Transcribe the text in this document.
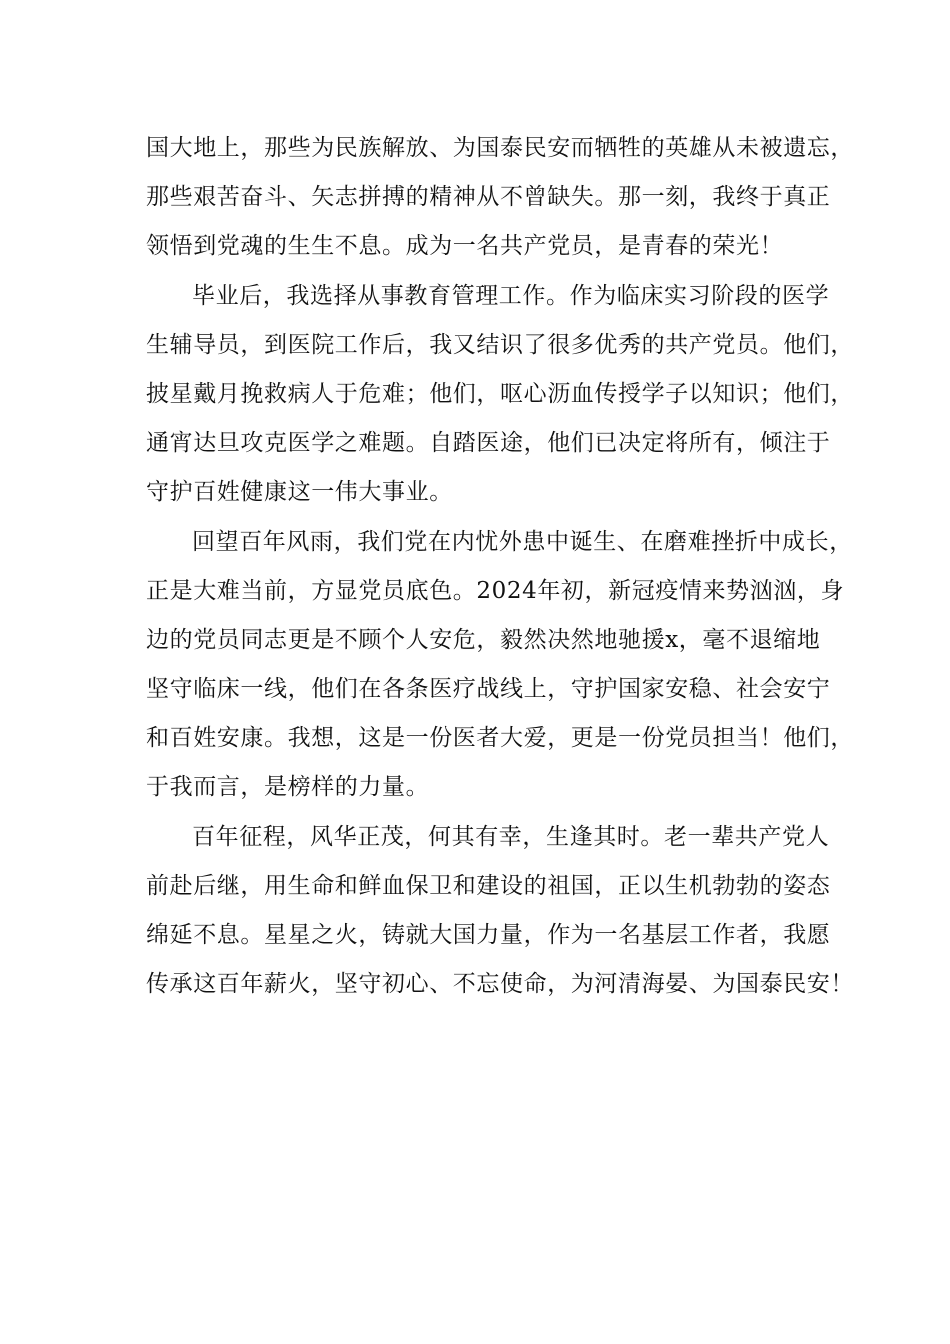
国大地上，那些为民族解放、为国泰民安而牺牲的英雄从未被遗忘，
那些艰苦奋斗、矢志拼搏的精神从不曾缺失。那一刻，我终于真正
领悟到党魂的生生不息。成为一名共产党员，是青春的荣光！
毕业后，我选择从事教育管理工作。作为临床实习阶段的医学
生辅导员，到医院工作后，我又结识了很多优秀的共产党员。他们，
披星戴月挽救病人于危难；他们，呕心沥血传授学子以知识；他们，
通宵达旦攻克医学之难题。自踏医途，他们已决定将所有，倾注于
守护百姓健康这一伟大事业。
回望百年风雨，我们党在内忧外患中诞生、在磨难挫折中成长，
正是大难当前，方显党员底色。2024年初，新冠疫情来势汹汹，身
边的党员同志更是不顾个人安危，毅然决然地驰援x，毫不退缩地
坚守临床一线，他们在各条医疗战线上，守护国家安稳、社会安宁
和百姓安康。我想，这是一份医者大爱，更是一份党员担当！他们，
于我而言，是榜样的力量。
百年征程，风华正茂，何其有幸，生逢其时。老一辈共产党人
前赴后继，用生命和鲜血保卫和建设的祖国，正以生机勃勃的姿态
绵延不息。星星之火，铸就大国力量，作为一名基层工作者，我愿
传承这百年薪火，坚守初心、不忘使命，为河清海晏、为国泰民安！
